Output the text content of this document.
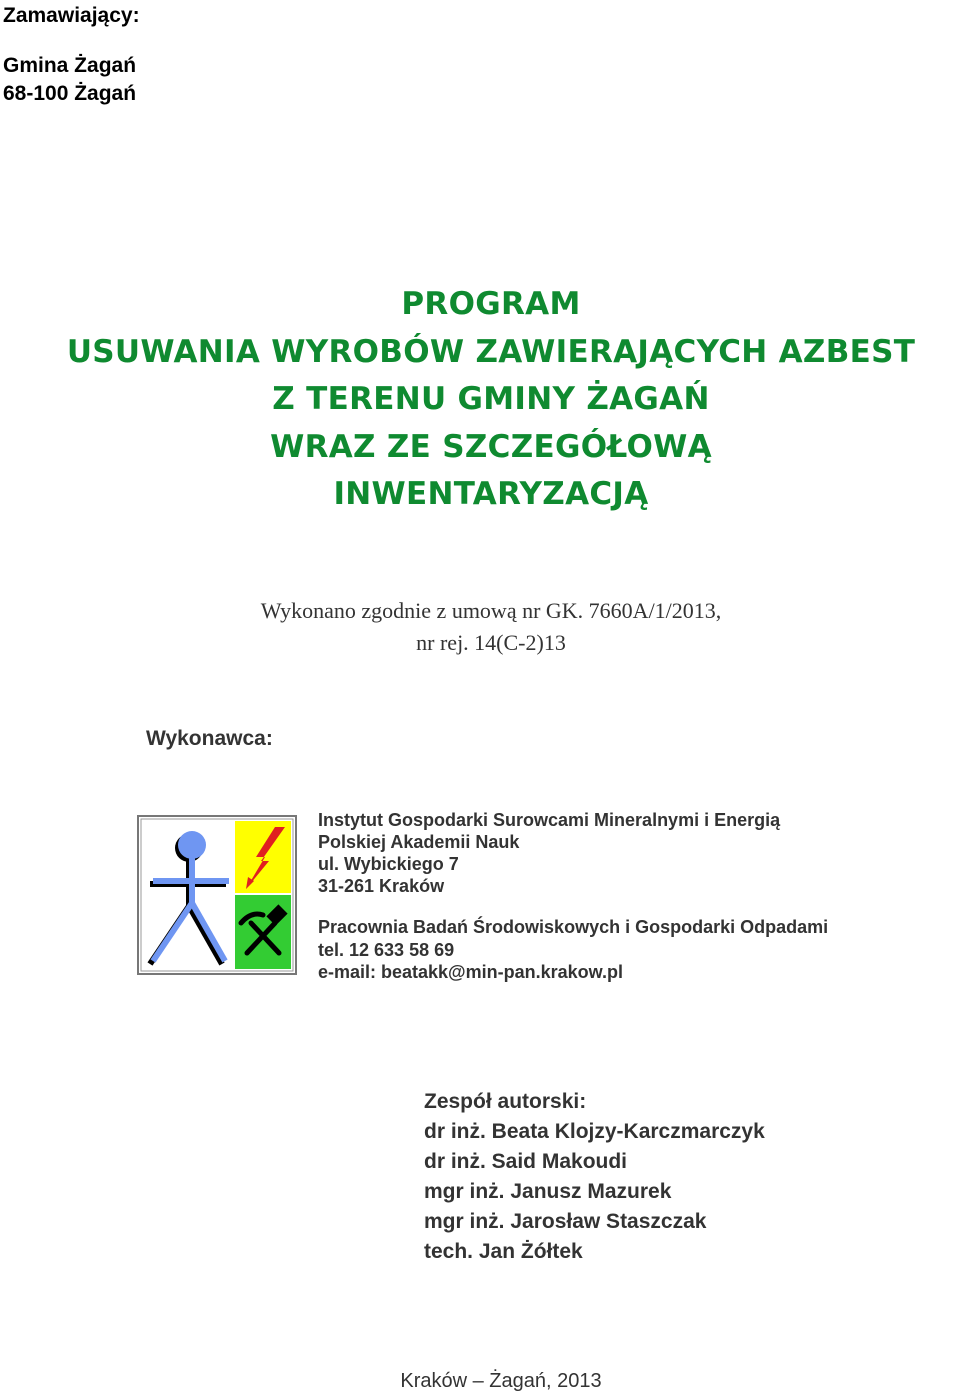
Zamawiający:
Gmina Żagań
68-100 Żagań
PROGRAM
USUWANIA WYROBÓW ZAWIERAJĄCYCH AZBEST
Z TERENU GMINY ŻAGAŃ
WRAZ ZE SZCZEGÓŁOWĄ
INWENTARYZACJĄ
Wykonano zgodnie z umową nr GK. 7660A/1/2013,
nr rej. 14(C-2)13
Wykonawca:
Instytut Gospodarki Surowcami Mineralnymi i Energią
Polskiej Akademii Nauk
ul. Wybickiego 7
31-261 Kraków
Pracownia Badań Środowiskowych i Gospodarki Odpadami
tel. 12 633 58 69
e-mail: beatakk@min-pan.krakow.pl
Zespół autorski:
dr inż. Beata Klojzy-Karczmarczyk
dr inż. Said Makoudi
mgr inż. Janusz Mazurek
mgr inż. Jarosław Staszczak
tech. Jan Żółtek
Kraków – Żagań, 2013
